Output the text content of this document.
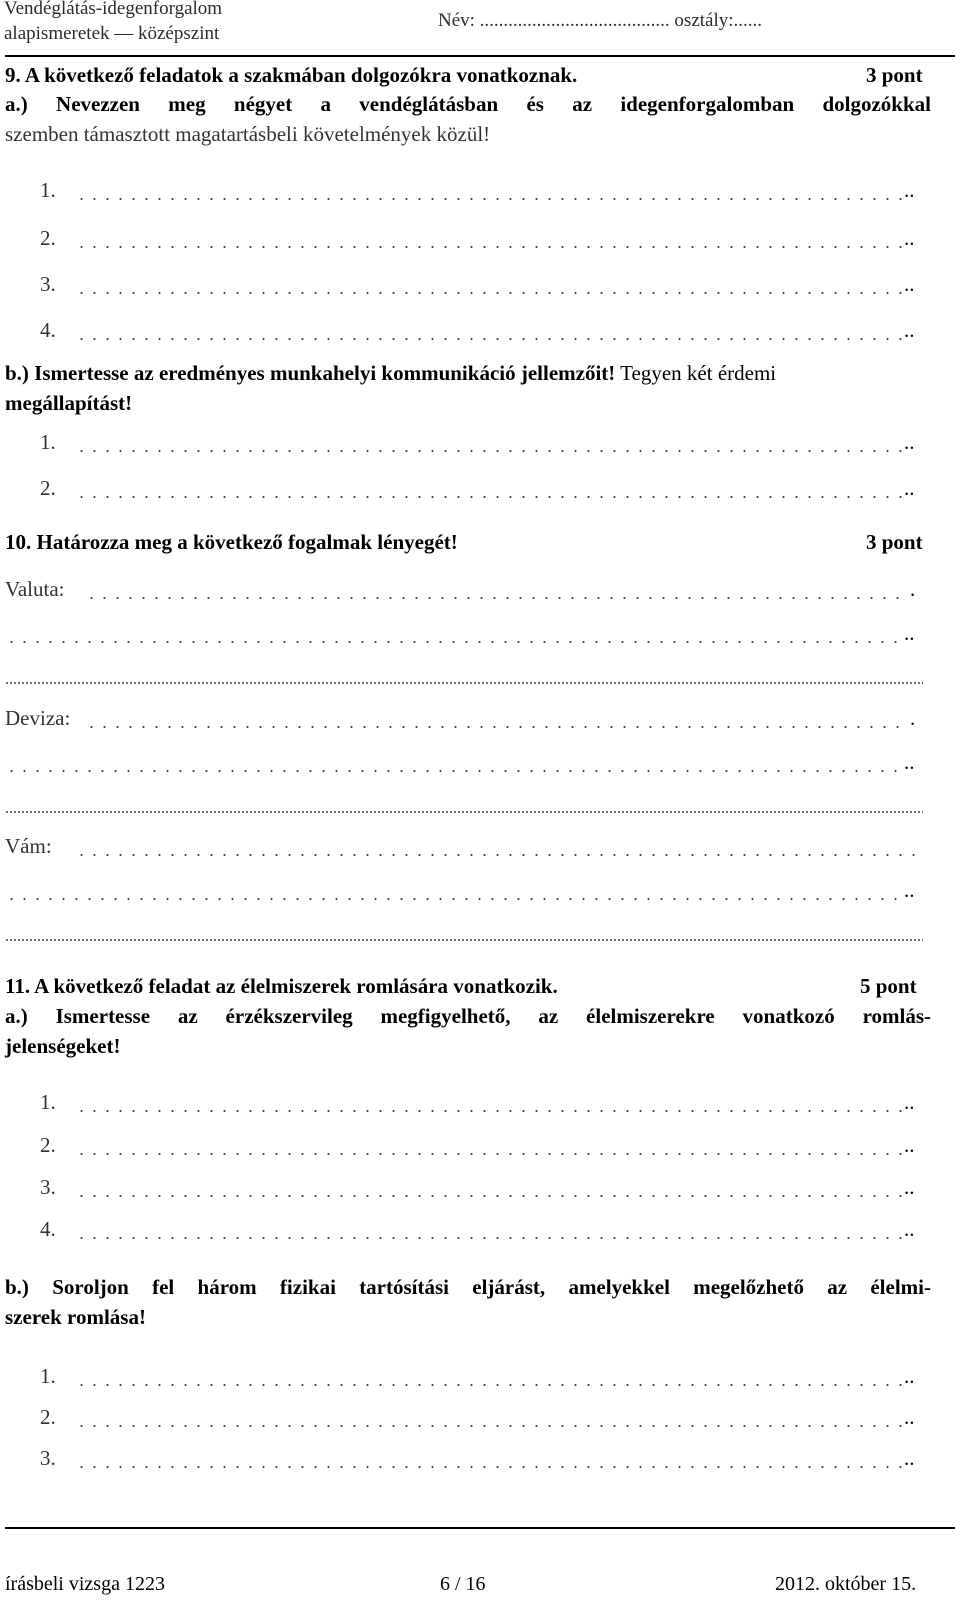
Vendéglátás-idegenforgalom
alapismeretek — középszint
Név: ........................................ osztály:......
9. A következő feladatok a szakmában dolgozókra vonatkoznak.	3 pont
a.) Nevezzen meg négyet a vendéglátásban és az idegenforgalomban dolgozókkal
szemben támasztott magatartásbeli követelmények közül!
1.	..
2.	..
3.	..
4.	..
b.) Ismertesse az eredményes munkahelyi kommunikáció jellemzőit! Tegyen két érdemi
megállapítást!
1.	..
2.	..
10. Határozza meg a következő fogalmak lényegét!	3 pont
Valuta:	.
..
Deviza:	.
..
Vám:
..
11. A következő feladat az élelmiszerek romlására vonatkozik.	5 pont
a.) Ismertesse az érzékszervileg megfigyelhető, az élelmiszerekre vonatkozó romlás-
jelenségeket!
1.	..
2.	..
3.	..
4.	..
b.) Soroljon fel három fizikai tartósítási eljárást, amelyekkel megelőzhető az élelmi-
szerek romlása!
1.	..
2.	..
3.	..
írásbeli vizsga 1223	6 / 16	2012. október 15.
